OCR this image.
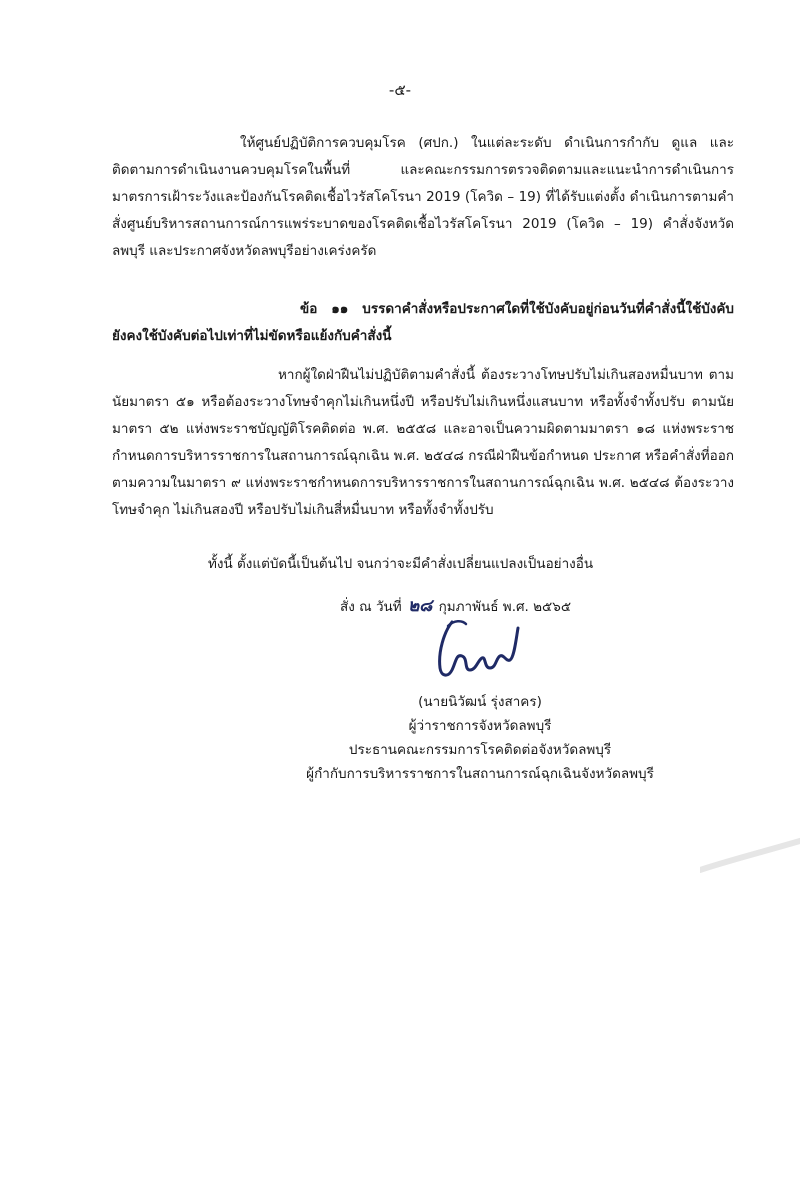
-๕-

ให้ศูนย์ปฏิบัติการควบคุมโรค (ศปก.) ในแต่ละระดับ ดำเนินการกำกับ ดูแล และติดตามการดำเนินงานควบคุมโรคในพื้นที่ และคณะกรรมการตรวจติดตามและแนะนำการดำเนินการมาตรการเฝ้าระวังและป้องกันโรคติดเชื้อไวรัสโคโรนา 2019 (โควิด – 19) ที่ได้รับแต่งตั้ง ดำเนินการตามคำสั่งศูนย์บริหารสถานการณ์การแพร่ระบาดของโรคติดเชื้อไวรัสโคโรนา 2019 (โควิด – 19) คำสั่งจังหวัดลพบุรี และประกาศจังหวัดลพบุรีอย่างเคร่งครัด

ข้อ ๑๑ บรรดาคำสั่งหรือประกาศใดที่ใช้บังคับอยู่ก่อนวันที่คำสั่งนี้ใช้บังคับ ยังคงใช้บังคับต่อไปเท่าที่ไม่ขัดหรือแย้งกับคำสั่งนี้

หากผู้ใดฝ่าฝืนไม่ปฏิบัติตามคำสั่งนี้ ต้องระวางโทษปรับไม่เกินสองหมื่นบาท ตามนัยมาตรา ๕๑ หรือต้องระวางโทษจำคุกไม่เกินหนึ่งปี หรือปรับไม่เกินหนึ่งแสนบาท หรือทั้งจำทั้งปรับ ตามนัยมาตรา ๕๒ แห่งพระราชบัญญัติโรคติดต่อ พ.ศ. ๒๕๕๘ และอาจเป็นความผิดตามมาตรา ๑๘ แห่งพระราชกำหนดการบริหารราชการในสถานการณ์ฉุกเฉิน พ.ศ. ๒๕๔๘ กรณีฝ่าฝืนข้อกำหนด ประกาศ หรือคำสั่งที่ออกตามความในมาตรา ๙ แห่งพระราชกำหนดการบริหารราชการในสถานการณ์ฉุกเฉิน พ.ศ. ๒๕๔๘ ต้องระวางโทษจำคุก ไม่เกินสองปี หรือปรับไม่เกินสี่หมื่นบาท หรือทั้งจำทั้งปรับ

ทั้งนี้ ตั้งแต่บัดนี้เป็นต้นไป จนกว่าจะมีคำสั่งเปลี่ยนแปลงเป็นอย่างอื่น

สั่ง ณ วันที่ ๒๘ กุมภาพันธ์ พ.ศ. ๒๕๖๕
(นายนิวัฒน์ รุ่งสาคร)
ผู้ว่าราชการจังหวัดลพบุรี
ประธานคณะกรรมการโรคติดต่อจังหวัดลพบุรี
ผู้กำกับการบริหารราชการในสถานการณ์ฉุกเฉินจังหวัดลพบุรี
